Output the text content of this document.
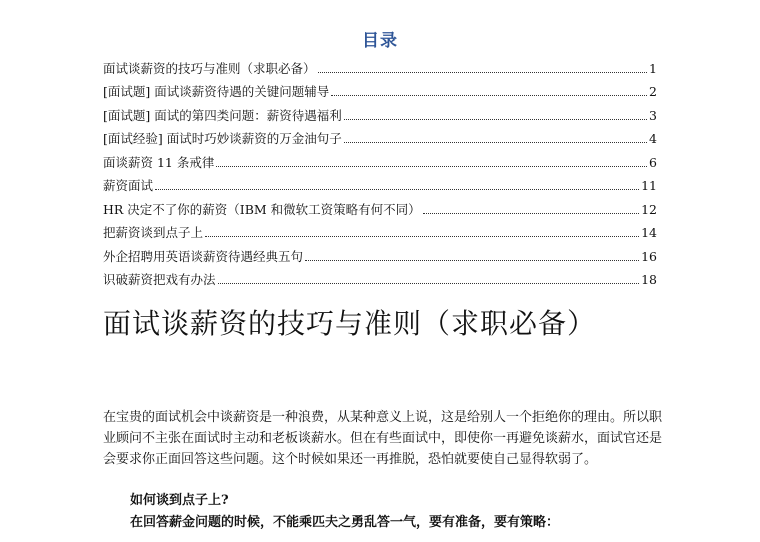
目录
面试谈薪资的技巧与准则（求职必备）	1
[面试题] 面试谈薪资待遇的关键问题辅导	2
[面试题] 面试的第四类问题：薪资待遇福利	3
[面试经验] 面试时巧妙谈薪资的万金油句子	4
面谈薪资 11 条戒律	6
薪资面试	11
HR 决定不了你的薪资（IBM 和微软工资策略有何不同）	12
把薪资谈到点子上	14
外企招聘用英语谈薪资待遇经典五句	16
识破薪资把戏有办法	18
面试谈薪资的技巧与准则（求职必备）
在宝贵的面试机会中谈薪资是一种浪费，从某种意义上说，这是给别人一个拒绝你的理由。所以职业顾问不主张在面试时主动和老板谈薪水。但在有些面试中，即使你一再避免谈薪水，面试官还是会要求你正面回答这些问题。这个时候如果还一再推脱，恐怕就要使自己显得软弱了。
如何谈到点子上?
在回答薪金问题的时候，不能乘匹夫之勇乱答一气，要有准备，要有策略：
